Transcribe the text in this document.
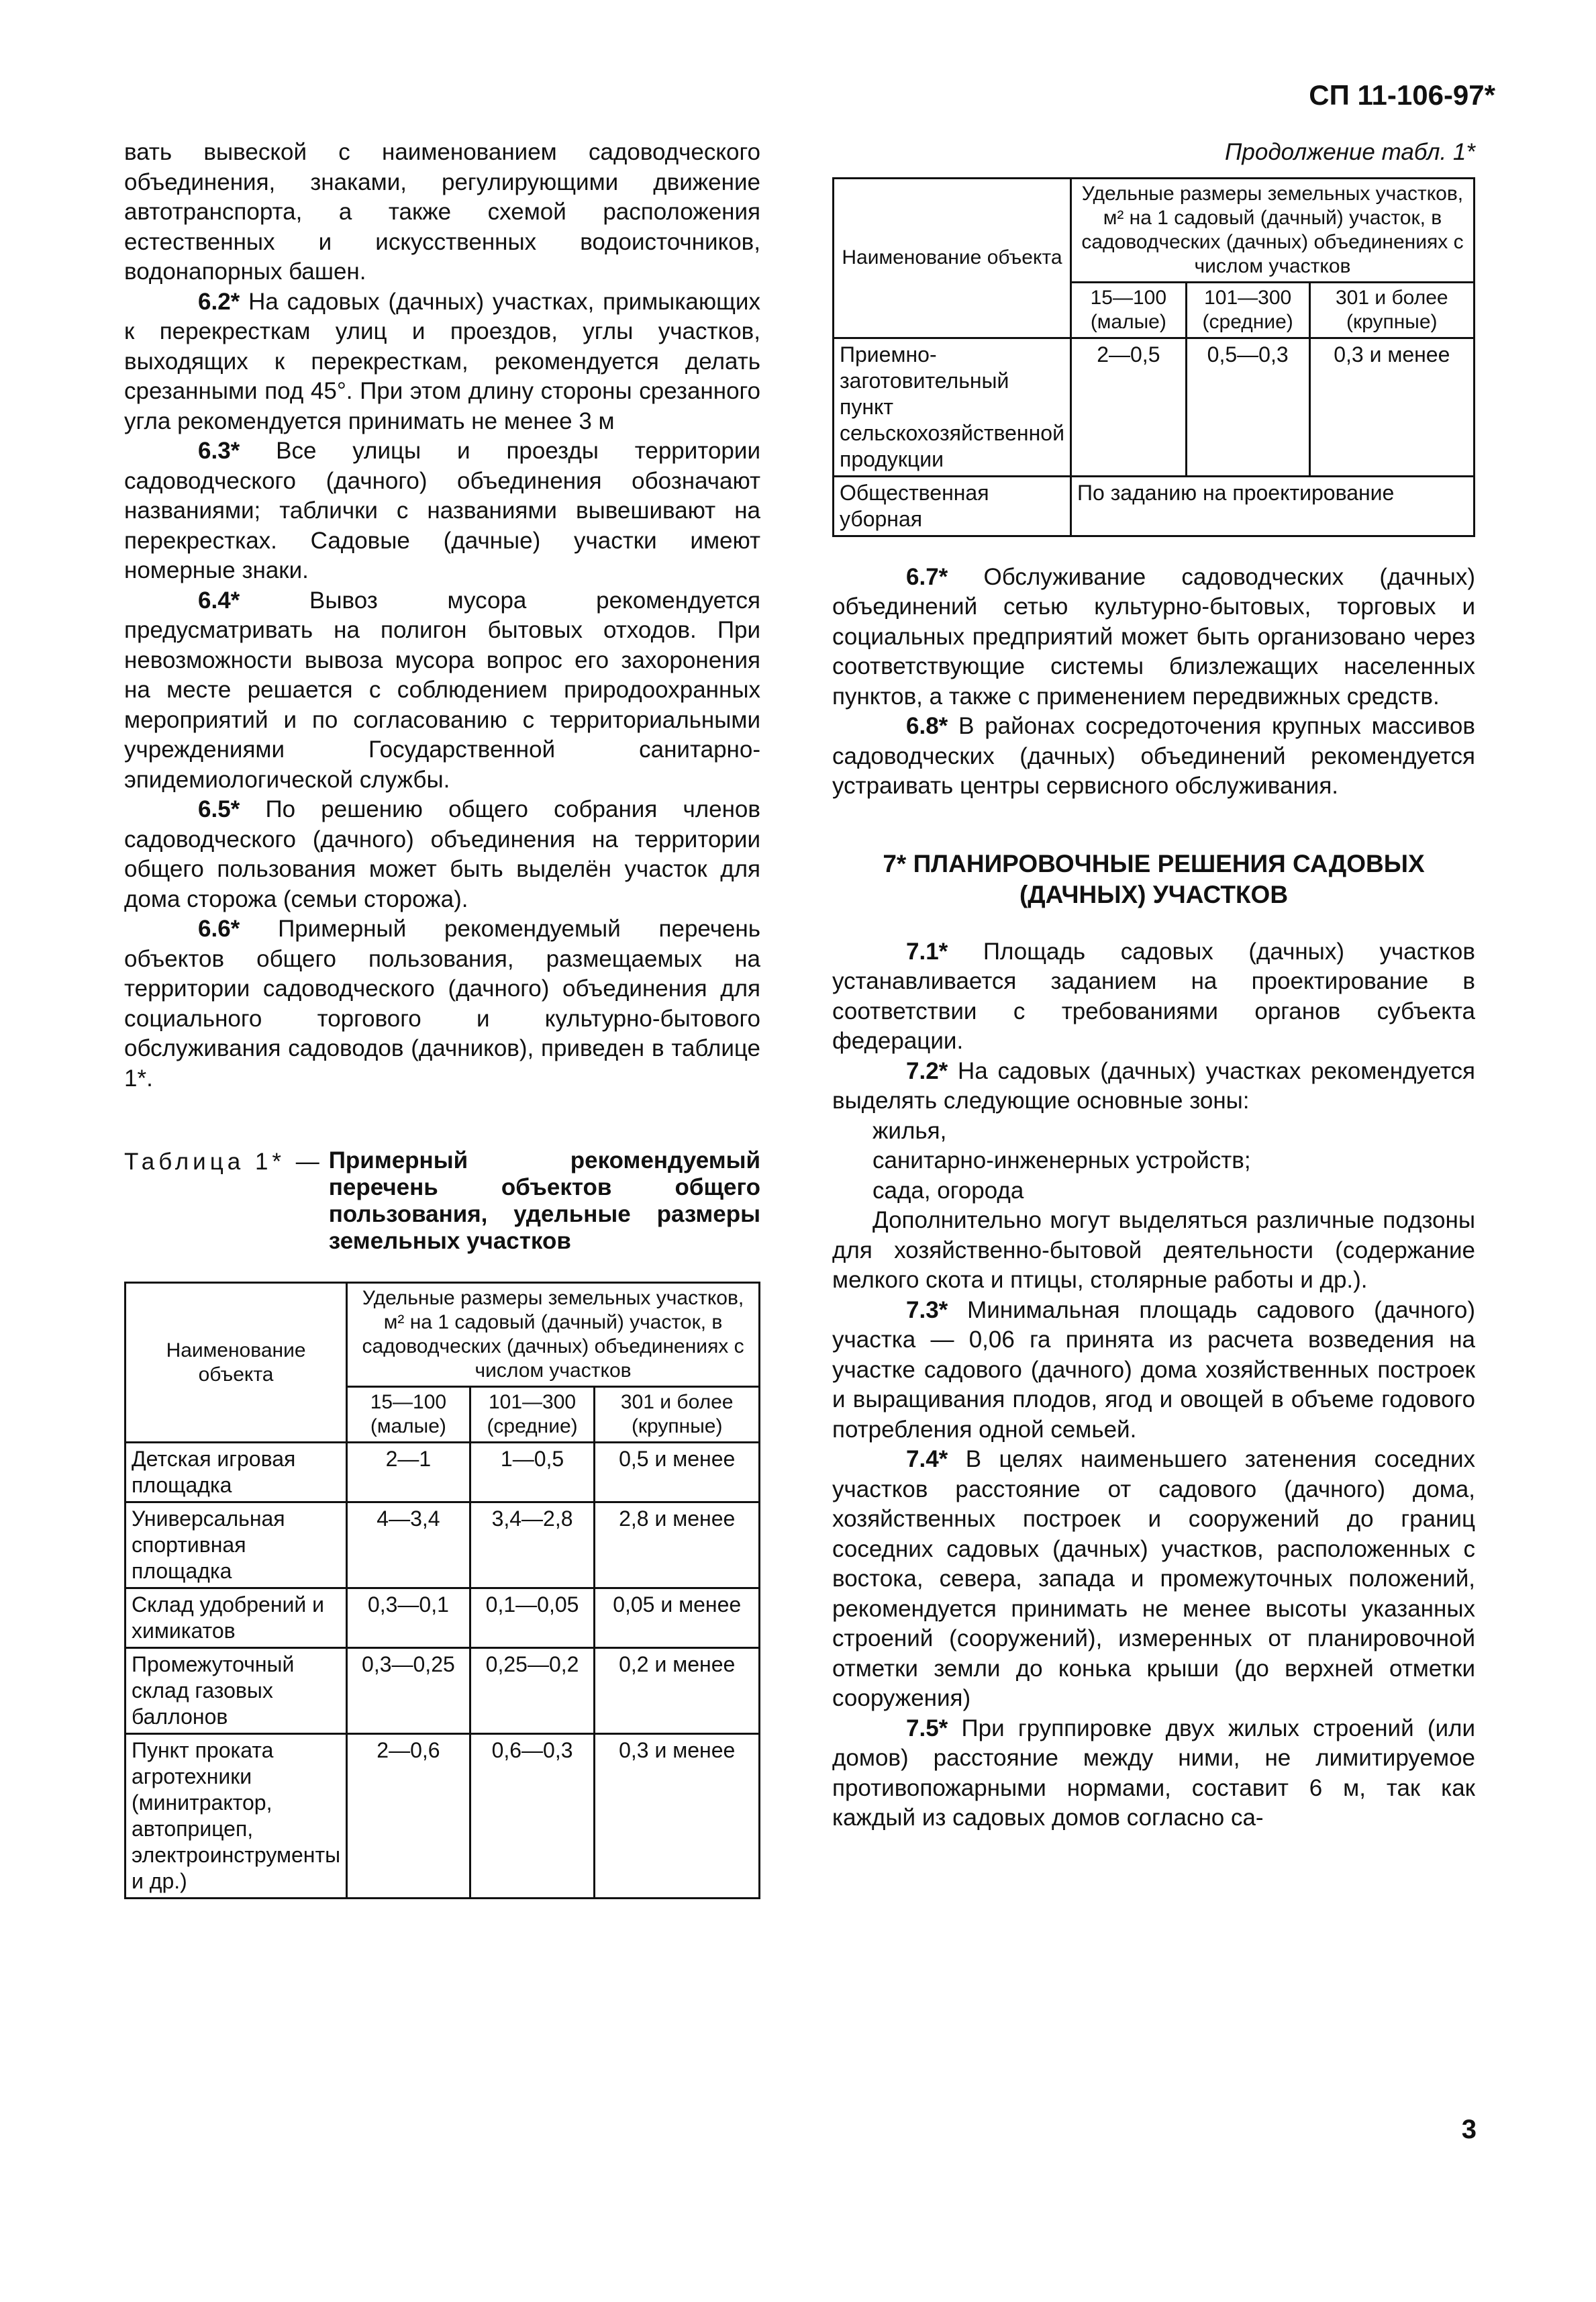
СП 11-106-97*

вать вывеской с наименованием садоводческого объединения, знаками, регулирующими движение автотранспорта, а также схемой расположения естественных и искусственных водоисточников, водонапорных башен.

6.2* На садовых (дачных) участках, примыкающих к перекресткам улиц и проездов, углы участков, выходящих к перекресткам, рекомендуется делать срезанными под 45°. При этом длину стороны срезанного угла рекомендуется принимать не менее 3 м

6.3* Все улицы и проезды территории садоводческого (дачного) объединения обозначают названиями; таблички с названиями вывешивают на перекрестках. Садовые (дачные) участки имеют номерные знаки.

6.4*	Вывоз мусора рекомендуется предусматривать на полигон бытовых отходов. При невозможности вывоза мусора вопрос его захоронения на месте решается с соблюдением природоохранных мероприятий и по согласованию с территориальными учреждениями Государственной санитарно-эпидемиологической службы.

6.5* По решению общего собрания членов садоводческого (дачного) объединения на территории общего пользования может быть выделён участок для дома сторожа (семьи сторожа).

6.6* Примерный рекомендуемый перечень объектов общего пользования, размещаемых на территории садоводческого (дачного) объединения для социального торгового и культурно-бытового обслуживания садоводов (дачников), приведен в таблице 1*.

Таблица 1* — Примерный рекомендуемый перечень объектов общего пользования, удельные размеры земельных участков
Наименование объекта	Удельные размеры земельных участков, м² на 1 садовый (дачный) участок, в садоводческих (дачных) объединениях с числом участков		
	15—100 (малые)	101—300 (средние)	301 и более (крупные)
Детская игровая площадка	2—1	1—0,5	0,5 и менее
Универсальная спортивная площадка	4—3,4	3,4—2,8	2,8 и менее
Склад удобрений и химикатов	0,3—0,1	0,1—0,05	0,05 и менее
Промежуточный склад газовых баллонов	0,3—0,25	0,25—0,2	0,2 и менее
Пункт проката агротехники (минитрактор, автоприцеп, электроинструменты и др.)	2—0,6	0,6—0,3	0,3 и менее
Продолжение табл. 1*
Наименование объекта	Удельные размеры земельных участков, м² на 1 садовый (дачный) участок, в садоводческих (дачных) объединениях с числом участков		
	15—100 (малые)	101—300 (средние)	301 и более (крупные)
Приемно-заготовительный пункт сельскохозяйственной продукции	2—0,5	0,5—0,3	0,3 и менее
Общественная уборная	По заданию на проектирование		

6.7* Обслуживание садоводческих (дачных) объединений сетью культурно-бытовых, торговых и социальных предприятий может быть организовано через соответствующие системы близлежащих населенных пунктов, а также с применением передвижных средств.

6.8* В районах сосредоточения крупных массивов садоводческих (дачных) объединений рекомендуется устраивать центры сервисного обслуживания.

7* ПЛАНИРОВОЧНЫЕ РЕШЕНИЯ САДОВЫХ (ДАЧНЫХ) УЧАСТКОВ

7.1* Площадь садовых (дачных) участков устанавливается заданием на проектирование в соответствии с требованиями органов субъекта федерации.

7.2* На садовых (дачных) участках рекомендуется выделять следующие основные зоны:

жилья,

санитарно-инженерных устройств;

сада, огорода

Дополнительно могут выделяться различные подзоны для хозяйственно-бытовой деятельности (содержание мелкого скота и птицы, столярные работы и др.).

7.3* Минимальная площадь садового (дачного) участка — 0,06 га принята из расчета возведения на участке садового (дачного) дома хозяйственных построек и выращивания плодов, ягод и овощей в объеме годового потребления одной семьей.

7.4* В целях наименьшего затенения соседних участков расстояние от садового (дачного) дома, хозяйственных построек и сооружений до границ соседних садовых (дачных) участков, расположенных с востока, севера, запада и промежуточных положений, рекомендуется принимать не менее высоты указанных строений (сооружений), измеренных от планировочной отметки земли до конька крыши (до верхней отметки сооружения)

7.5* При группировке двух жилых строений (или домов) расстояние между ними, не лимитируемое противопожарными нормами, составит 6 м, так как каждый из садовых домов согласно са-

3
